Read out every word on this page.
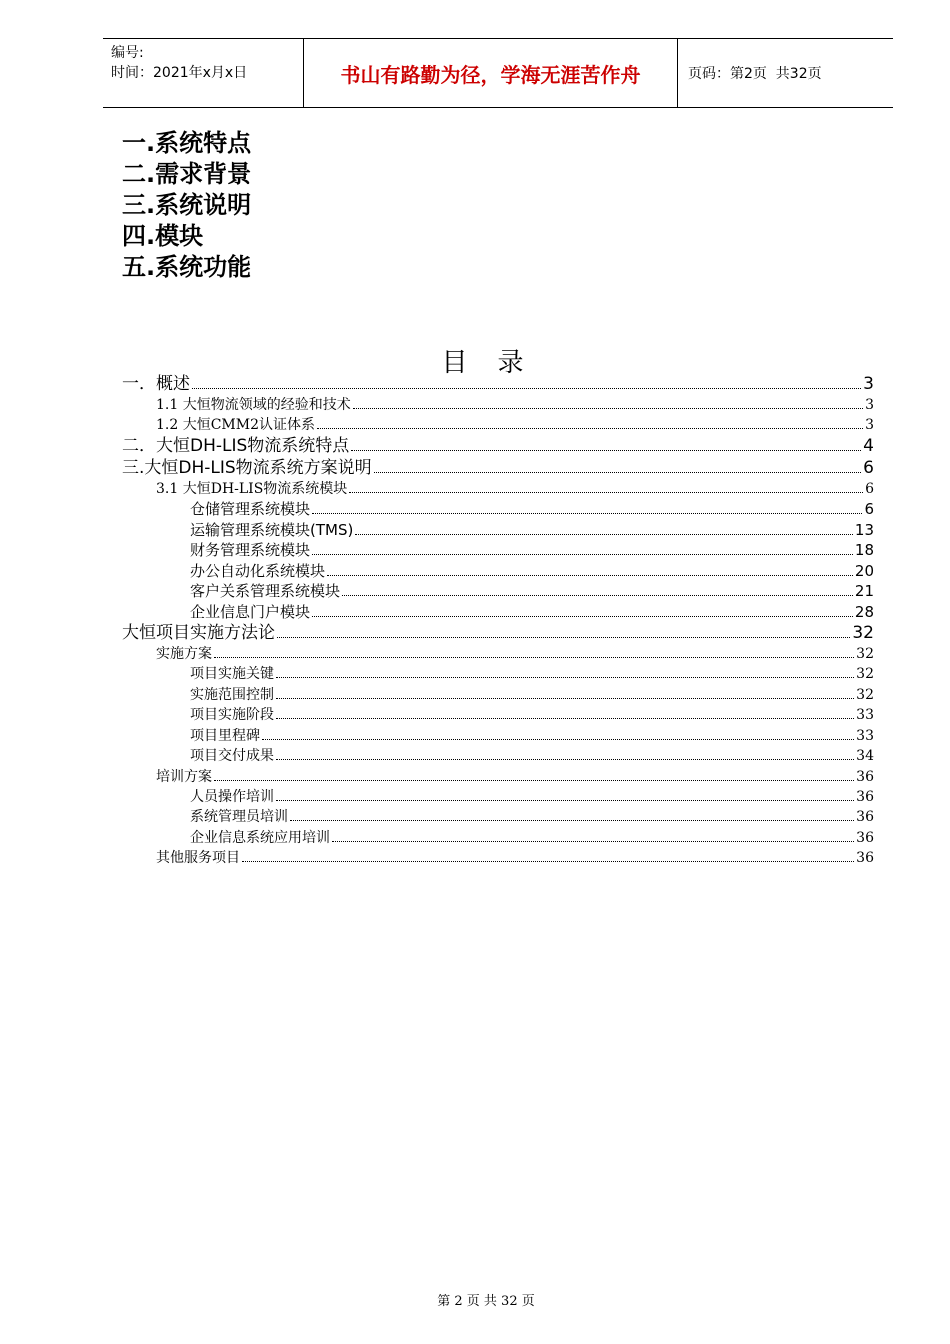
编号:
时间：2021年x月x日	书山有路勤为径，学海无涯苦作舟	页码：第2页  共32页
一.系统特点
二.需求背景
三.系统说明
四.模块
五.系统功能
目录
一．概述	3
1.1 大恒物流领域的经验和技术	3
1.2 大恒CMM2认证体系	3
二．大恒DH-LIS物流系统特点	4
三.大恒DH-LIS物流系统方案说明	6
3.1 大恒DH-LIS物流系统模块	6
仓储管理系统模块	6
运输管理系统模块(TMS)	13
财务管理系统模块	18
办公自动化系统模块	20
客户关系管理系统模块	21
企业信息门户模块	28
大恒项目实施方法论	32
实施方案	32
项目实施关键	32
实施范围控制	32
项目实施阶段	33
项目里程碑	33
项目交付成果	34
培训方案	36
人员操作培训	36
系统管理员培训	36
企业信息系统应用培训	36
其他服务项目	36
第 2 页 共 32 页
